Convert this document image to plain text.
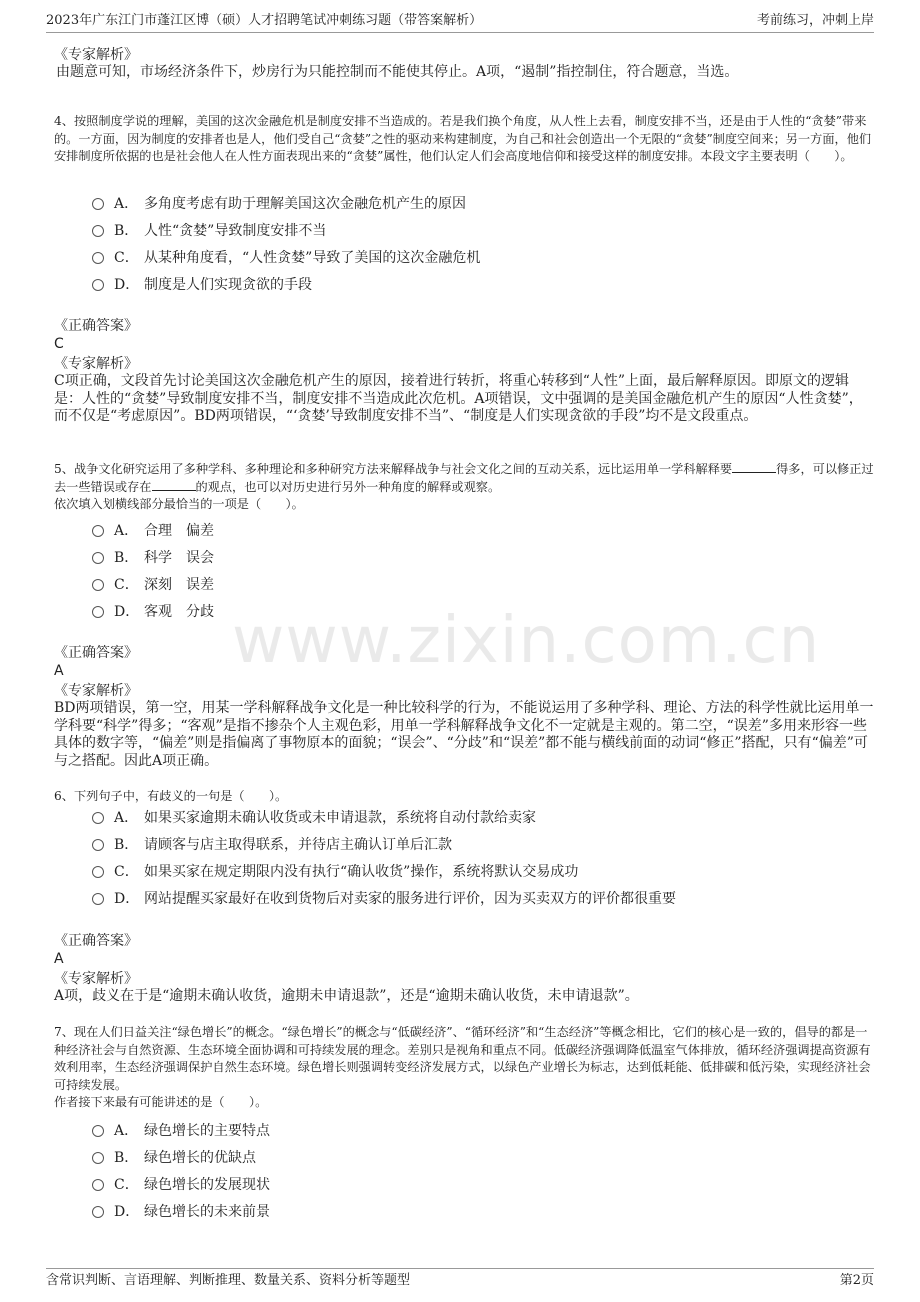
2023年广东江门市蓬江区博（硕）人才招聘笔试冲刺练习题（带答案解析）	考前练习，冲刺上岸
www.zixin.com.cn
《专家解析》
由题意可知，市场经济条件下，炒房行为只能控制而不能使其停止。A项，“遏制”指控制住，符合题意，当选。
4、按照制度学说的理解，美国的这次金融危机是制度安排不当造成的。若是我们换个角度，从人性上去看，制度安排不当，还是由于人性的“贪婪”带来的。一方面，因为制度的安排者也是人，他们受自己“贪婪”之性的驱动来构建制度，为自己和社会创造出一个无限的“贪婪”制度空间来；另一方面，他们安排制度所依据的也是社会他人在人性方面表现出来的“贪婪”属性，他们认定人们会高度地信仰和接受这样的制度安排。本段文字主要表明（　　）。
A． 多角度考虑有助于理解美国这次金融危机产生的原因
B． 人性“贪婪”导致制度安排不当
C． 从某种角度看，“人性贪婪”导致了美国的这次金融危机
D． 制度是人们实现贪欲的手段
《正确答案》
C
《专家解析》
C项正确，文段首先讨论美国这次金融危机产生的原因，接着进行转折，将重心转移到“人性”上面，最后解释原因。即原文的逻辑是：人性的“贪婪”导致制度安排不当，制度安排不当造成此次危机。A项错误，文中强调的是美国金融危机产生的原因“人性贪婪”，而不仅是“考虑原因”。BD两项错误，“‘贪婪’导致制度安排不当”、“制度是人们实现贪欲的手段”均不是文段重点。
5、战争文化研究运用了多种学科、多种理论和多种研究方法来解释战争与社会文化之间的互动关系，远比运用单一学科解释要	得多，可以修正过去一些错误或存在	的观点，也可以对历史进行另外一种角度的解释或观察。
依次填入划横线部分最恰当的一项是（　　）。
A． 合理　偏差
B． 科学　误会
C． 深刻　误差
D． 客观　分歧
《正确答案》
A
《专家解析》
BD两项错误，第一空，用某一学科解释战争文化是一种比较科学的行为，不能说运用了多种学科、理论、方法的科学性就比运用单一学科要“科学”得多；“客观”是指不掺杂个人主观色彩，用单一学科解释战争文化不一定就是主观的。第二空，“误差”多用来形容一些具体的数字等，“偏差”则是指偏离了事物原本的面貌；“误会”、“分歧”和“误差”都不能与横线前面的动词“修正”搭配，只有“偏差”可与之搭配。因此A项正确。
6、下列句子中，有歧义的一句是（　　）。
A． 如果买家逾期未确认收货或未申请退款，系统将自动付款给卖家
B． 请顾客与店主取得联系，并待店主确认订单后汇款
C． 如果买家在规定期限内没有执行“确认收货”操作，系统将默认交易成功
D． 网站提醒买家最好在收到货物后对卖家的服务进行评价，因为买卖双方的评价都很重要
《正确答案》
A
《专家解析》
A项，歧义在于是“逾期未确认收货，逾期未申请退款”，还是“逾期未确认收货，未申请退款”。
7、现在人们日益关注“绿色增长”的概念。“绿色增长”的概念与“低碳经济”、“循环经济”和“生态经济”等概念相比，它们的核心是一致的，倡导的都是一种经济社会与自然资源、生态环境全面协调和可持续发展的理念。差别只是视角和重点不同。低碳经济强调降低温室气体排放，循环经济强调提高资源有效利用率，生态经济强调保护自然生态环境。绿色增长则强调转变经济发展方式，以绿色产业增长为标志，达到低耗能、低排碳和低污染，实现经济社会可持续发展。
作者接下来最有可能讲述的是（　　）。
A． 绿色增长的主要特点
B． 绿色增长的优缺点
C． 绿色增长的发展现状
D． 绿色增长的未来前景
含常识判断、言语理解、判断推理、数量关系、资料分析等题型	第2页
